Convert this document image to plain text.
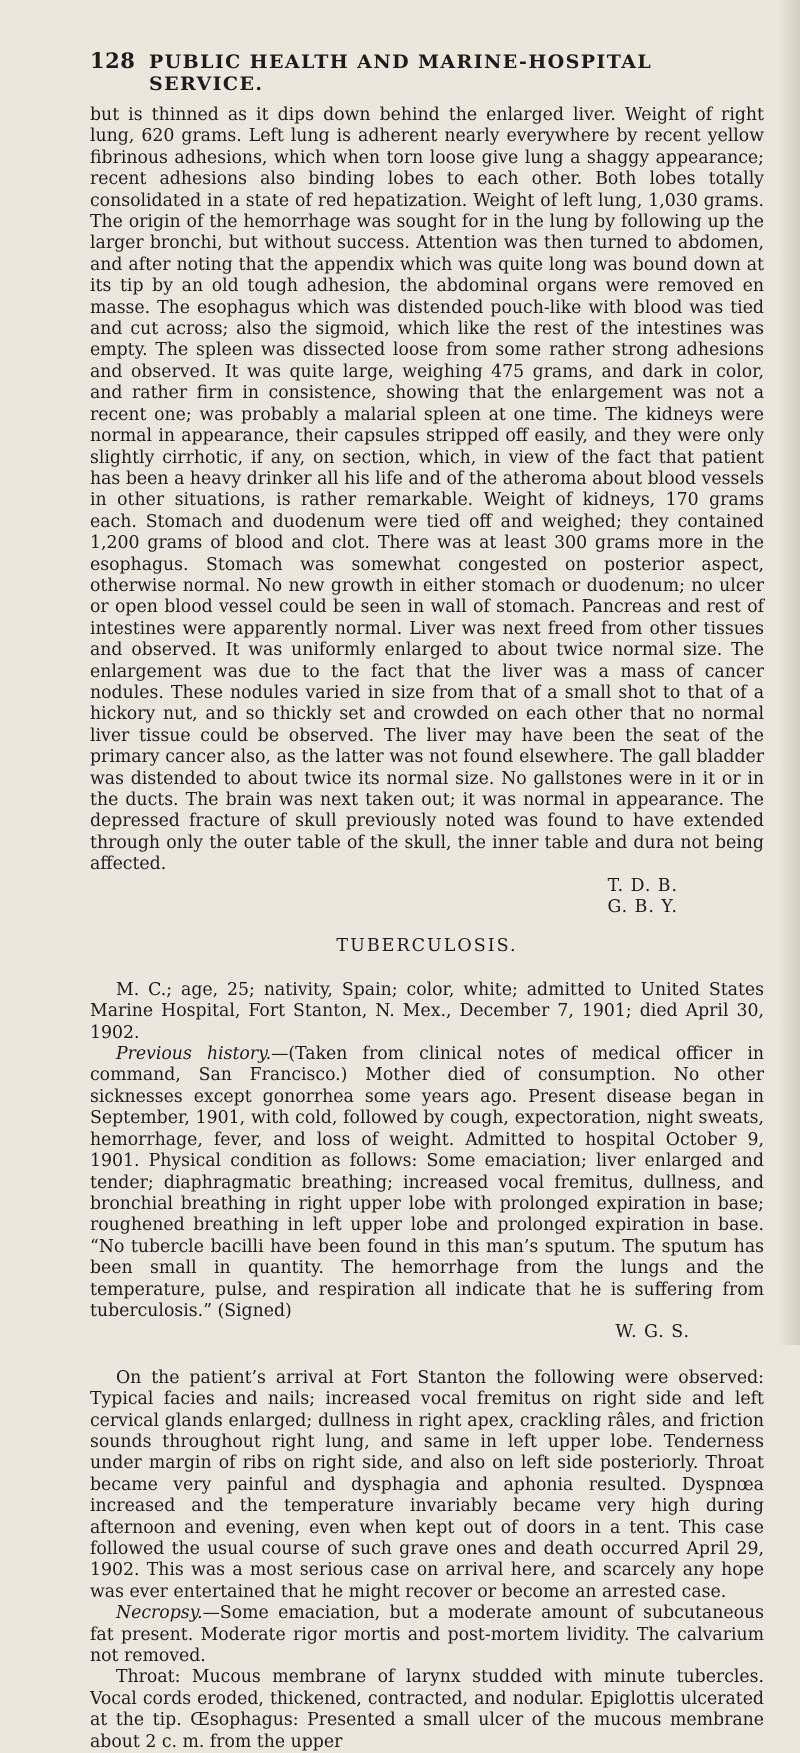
128 PUBLIC HEALTH AND MARINE-HOSPITAL SERVICE.

but is thinned as it dips down behind the enlarged liver. Weight of right lung, 620 grams. Left lung is adherent nearly everywhere by recent yellow fibrinous adhesions, which when torn loose give lung a shaggy appearance; recent adhesions also binding lobes to each other. Both lobes totally consolidated in a state of red hepatization. Weight of left lung, 1,030 grams. The origin of the hemorrhage was sought for in the lung by following up the larger bronchi, but without success. Attention was then turned to abdomen, and after noting that the appendix which was quite long was bound down at its tip by an old tough adhesion, the abdominal organs were removed en masse. The esophagus which was distended pouch-like with blood was tied and cut across; also the sigmoid, which like the rest of the intestines was empty. The spleen was dissected loose from some rather strong adhesions and observed. It was quite large, weighing 475 grams, and dark in color, and rather firm in consistence, showing that the enlargement was not a recent one; was probably a malarial spleen at one time. The kidneys were normal in appearance, their capsules stripped off easily, and they were only slightly cirrhotic, if any, on section, which, in view of the fact that patient has been a heavy drinker all his life and of the atheroma about blood vessels in other situations, is rather remarkable. Weight of kidneys, 170 grams each. Stomach and duodenum were tied off and weighed; they contained 1,200 grams of blood and clot. There was at least 300 grams more in the esophagus. Stomach was somewhat congested on posterior aspect, otherwise normal. No new growth in either stomach or duodenum; no ulcer or open blood vessel could be seen in wall of stomach. Pancreas and rest of intestines were apparently normal. Liver was next freed from other tissues and observed. It was uniformly enlarged to about twice normal size. The enlargement was due to the fact that the liver was a mass of cancer nodules. These nodules varied in size from that of a small shot to that of a hickory nut, and so thickly set and crowded on each other that no normal liver tissue could be observed. The liver may have been the seat of the primary cancer also, as the latter was not found elsewhere. The gall bladder was distended to about twice its normal size. No gallstones were in it or in the ducts. The brain was next taken out; it was normal in appearance. The depressed fracture of skull previously noted was found to have extended through only the outer table of the skull, the inner table and dura not being affected.

T. D. B.
G. B. Y.
TUBERCULOSIS.

M. C.; age, 25; nativity, Spain; color, white; admitted to United States Marine Hospital, Fort Stanton, N. Mex., December 7, 1901; died April 30, 1902.

Previous history.—(Taken from clinical notes of medical officer in command, San Francisco.) Mother died of consumption. No other sicknesses except gonorrhea some years ago. Present disease began in September, 1901, with cold, followed by cough, expectoration, night sweats, hemorrhage, fever, and loss of weight. Admitted to hospital October 9, 1901. Physical condition as follows: Some emaciation; liver enlarged and tender; diaphragmatic breathing; increased vocal fremitus, dullness, and bronchial breathing in right upper lobe with prolonged expiration in base; roughened breathing in left upper lobe and prolonged expiration in base. “No tubercle bacilli have been found in this man’s sputum. The sputum has been small in quantity. The hemorrhage from the lungs and the temperature, pulse, and respiration all indicate that he is suffering from tuberculosis.” (Signed)

W. G. S.

On the patient’s arrival at Fort Stanton the following were observed: Typical facies and nails; increased vocal fremitus on right side and left cervical glands enlarged; dullness in right apex, crackling râles, and friction sounds throughout right lung, and same in left upper lobe. Tenderness under margin of ribs on right side, and also on left side posteriorly. Throat became very painful and dysphagia and aphonia resulted. Dyspnœa increased and the temperature invariably became very high during afternoon and evening, even when kept out of doors in a tent. This case followed the usual course of such grave ones and death occurred April 29, 1902. This was a most serious case on arrival here, and scarcely any hope was ever entertained that he might recover or become an arrested case.

Necropsy.—Some emaciation, but a moderate amount of subcutaneous fat present. Moderate rigor mortis and post-mortem lividity. The calvarium not removed.

Throat: Mucous membrane of larynx studded with minute tubercles. Vocal cords eroded, thickened, contracted, and nodular. Epiglottis ulcerated at the tip. Œsophagus: Presented a small ulcer of the mucous membrane about 2 c. m. from the upper
